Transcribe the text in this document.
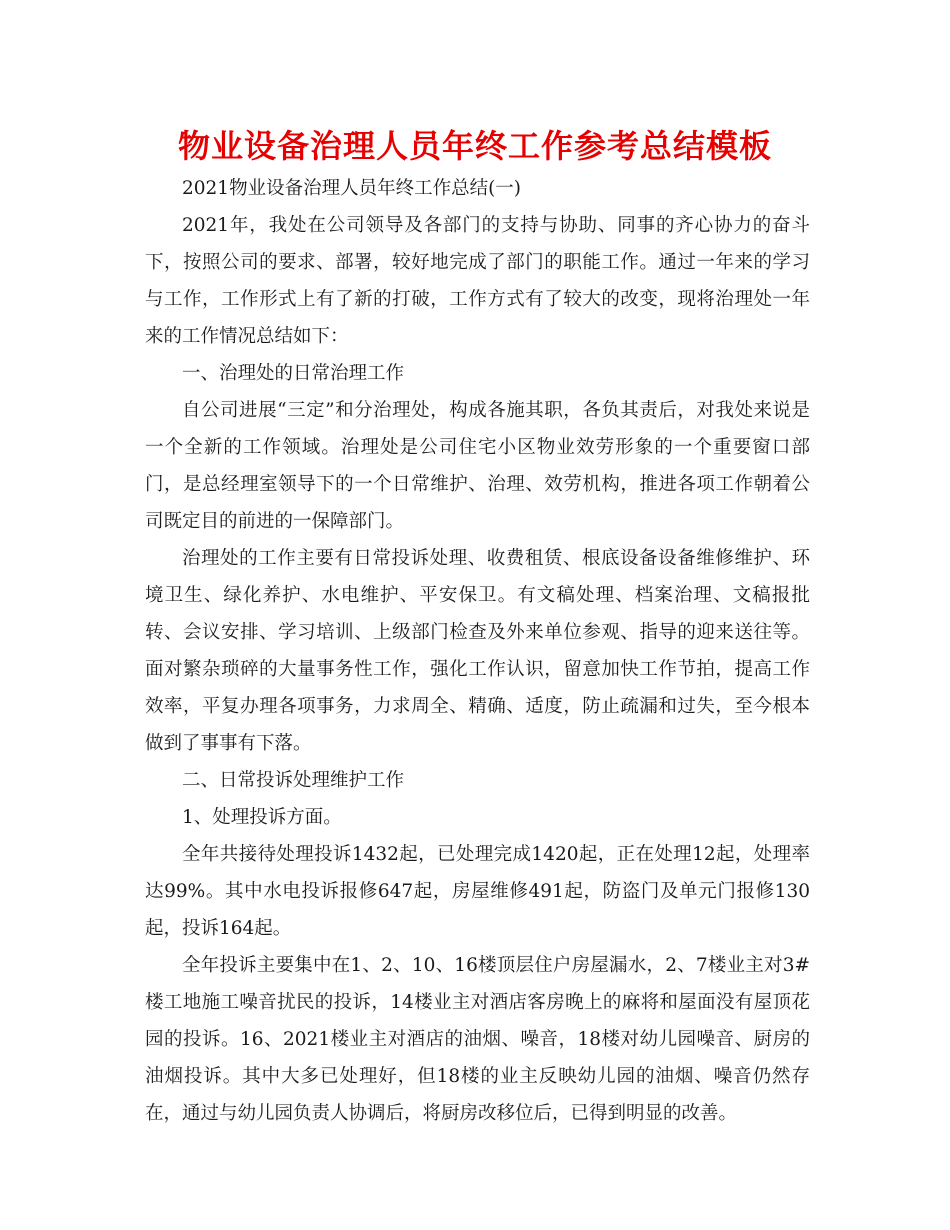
物业设备治理人员年终工作参考总结模板

2021物业设备治理人员年终工作总结(一)

2021年，我处在公司领导及各部门的支持与协助、同事的齐心协力的奋斗下，按照公司的要求、部署，较好地完成了部门的职能工作。通过一年来的学习与工作，工作形式上有了新的打破，工作方式有了较大的改变，现将治理处一年来的工作情况总结如下：

一、治理处的日常治理工作

自公司进展“三定”和分治理处，构成各施其职，各负其责后，对我处来说是一个全新的工作领域。治理处是公司住宅小区物业效劳形象的一个重要窗口部门，是总经理室领导下的一个日常维护、治理、效劳机构，推进各项工作朝着公司既定目的前进的一保障部门。

治理处的工作主要有日常投诉处理、收费租赁、根底设备设备维修维护、环境卫生、绿化养护、水电维护、平安保卫。有文稿处理、档案治理、文稿报批转、会议安排、学习培训、上级部门检查及外来单位参观、指导的迎来送往等。面对繁杂琐碎的大量事务性工作，强化工作认识，留意加快工作节拍，提高工作效率，平复办理各项事务，力求周全、精确、适度，防止疏漏和过失，至今根本做到了事事有下落。

二、日常投诉处理维护工作

1、处理投诉方面。

全年共接待处理投诉1432起，已处理完成1420起，正在处理12起，处理率达99%。其中水电投诉报修647起，房屋维修491起，防盗门及单元门报修130起，投诉164起。

全年投诉主要集中在1、2、10、16楼顶层住户房屋漏水，2、7楼业主对3#楼工地施工噪音扰民的投诉，14楼业主对酒店客房晚上的麻将和屋面没有屋顶花园的投诉。16、2021楼业主对酒店的油烟、噪音，18楼对幼儿园噪音、厨房的油烟投诉。其中大多已处理好，但18楼的业主反映幼儿园的油烟、噪音仍然存在，通过与幼儿园负责人协调后，将厨房改移位后，已得到明显的改善。
